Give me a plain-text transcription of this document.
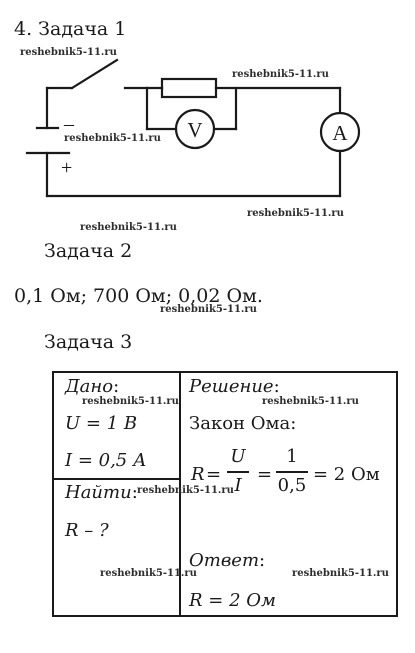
4. Задача 1
V	A
–
+
reshebnik5-11.ru
reshebnik5-11.ru
reshebnik5-11.ru
reshebnik5-11.ru
reshebnik5-11.ru
Задача 2
0,1 Ом; 700 Ом; 0,02 Ом.
reshebnik5-11.ru
Задача 3
Дано:
U = 1 В
I = 0,5 А
Найти:
R – ?
Решение:
Закон Ома:
R =
U
I
=
1
0,5
= 2 Ом
Ответ:
R = 2 Ом
reshebnik5-11.ru	reshebnik5-11.ru
reshebnik5-11.ru
reshebnik5-11.ru	reshebnik5-11.ru
